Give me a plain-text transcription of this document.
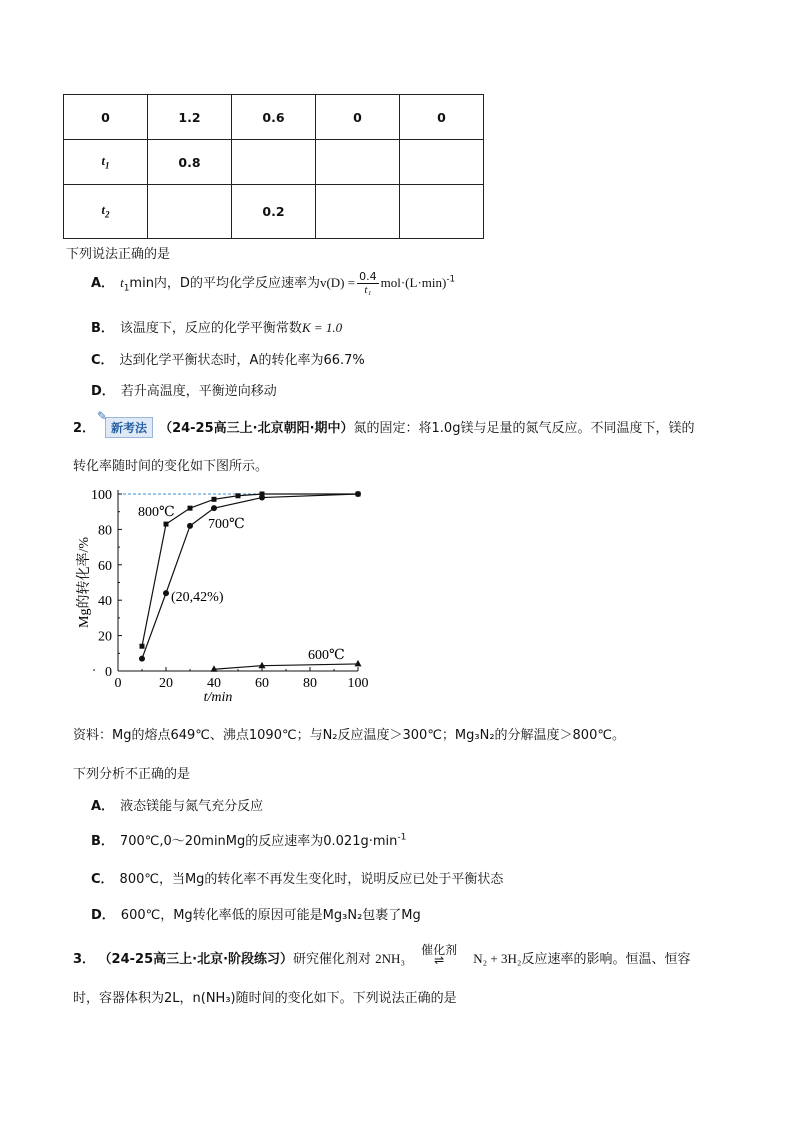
0	1.2	0.6	0	0
$t_1$	0.8			
$t_2$		0.2		
下列说法正确的是
A． $t_1\min$内，D的平均化学反应速率为$v(D) = \frac{0.4}{\text{t₁}} mol\cdot(L\cdot\min)^{-1}$
B． 该温度下，反应的化学平衡常数K = 1.0
C． 达到化学平衡状态时，A的转化率为66.7%
D． 若升高温度，平衡逆向移动
2．
✎
新考法 （24-25高三上·北京朝阳·期中）氮的固定：将1.0g镁与足量的氮气反应。不同温度下，镁的
转化率随时间的变化如下图所示。
0	20 40 60 80 100
0
20
40
60
80
100
t/min
Mg的转化率/%
800℃
700℃
600℃
(20,42%)
资料：Mg的熔点649℃、沸点1090℃；与N₂反应温度＞300℃；Mg₃N₂的分解温度＞800℃。
下列分析不正确的是
A． 液态镁能与氮气充分反应
B． 700℃,0～20minMg的反应速率为$0.021g\cdot\min^{-1}$
C． 800℃，当Mg的转化率不再发生变化时，说明反应已处于平衡状态
D． 600℃，Mg转化率低的原因可能是Mg₃N₂包裹了Mg
3． （24-25高三上·北京·阶段练习）研究催化剂对 2NH₃
催化剂
⇌	N₂ + 3H₂反应速率的影响。恒温、恒容
时，容器体积为2L，n(NH₃)随时间的变化如下。下列说法正确的是
